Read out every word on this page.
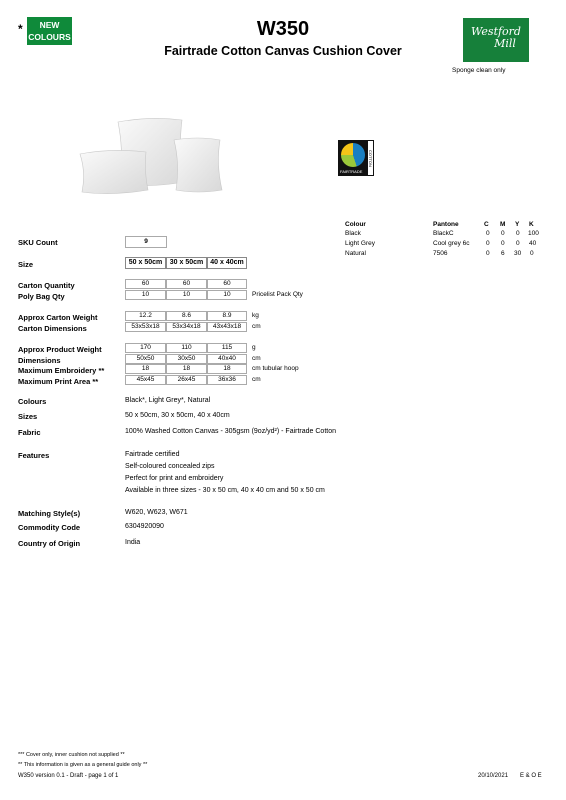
*	NEW
COLOURS	W350
Fairtrade Cotton Canvas Cushion Cover
Westford
Mill
Sponge clean only
FAIRTRADE
COTTON
Colour	Pantone	C M Y K
Black	BlackC	0 0 0 100
Light Grey	Cool grey 6c	0 0 0 40
Natural	7506	0 6 30 0
SKU Count	9
Size	50 x 50cm	30 x 50cm	40 x 40cm
Carton Quantity	60	60	60
Poly Bag Qty	10	10	10	Pricelist Pack Qty
Approx Carton Weight	12.2	8.6	8.9	kg
Carton Dimensions	53x53x18	53x34x18	43x43x18	cm
Approx Product Weight	170	110	115	g
Dimensions	50x50	30x50	40x40	cm
Maximum Embroidery **	18	18	18	cm tubular hoop
Maximum Print Area **	45x45	26x45	36x36	cm
Colours	Black*, Light Grey*, Natural
Sizes	50 x 50cm, 30 x 50cm, 40 x 40cm
Fabric	100% Washed Cotton Canvas - 305gsm (9oz/yd²) - Fairtrade Cotton
Features	Fairtrade certified
Self-coloured concealed zips
Perfect for print and embroidery
Available in three sizes - 30 x 50 cm, 40 x 40 cm and 50 x 50 cm
Matching Style(s)	W620, W623, W671
Commodity Code	6304920090
Country of Origin	India
*** Cover only, inner cushion not supplied **
** This information is given as a general guide only **
W350 version 0.1 - Draft - page 1 of 1	20/10/2021 E & O E
